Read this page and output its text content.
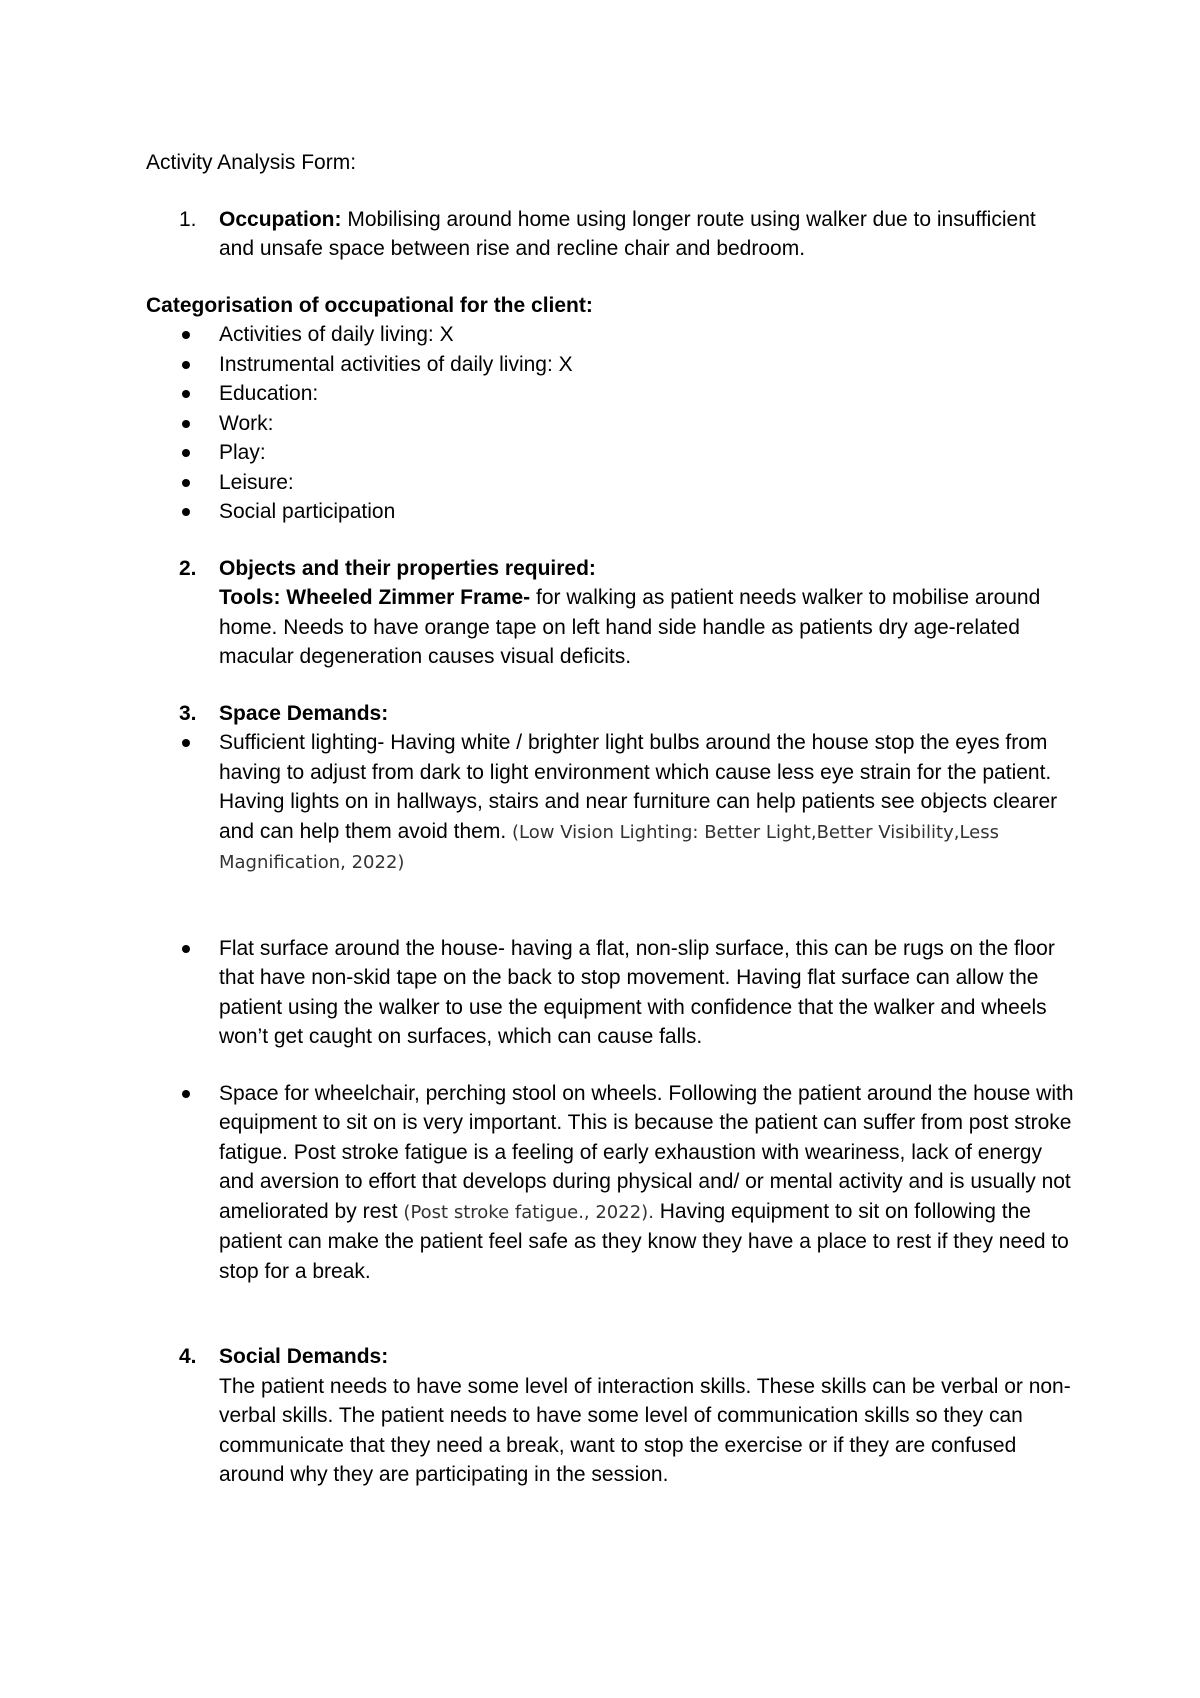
Activity Analysis Form:
1. Occupation: Mobilising around home using longer route using walker due to insufficient and unsafe space between rise and recline chair and bedroom.
Categorisation of occupational for the client:
Activities of daily living: X
Instrumental activities of daily living: X
Education:
Work:
Play:
Leisure:
Social participation
2. Objects and their properties required:
Tools: Wheeled Zimmer Frame- for walking as patient needs walker to mobilise around home. Needs to have orange tape on left hand side handle as patients dry age-related macular degeneration causes visual deficits.
3. Space Demands:
Sufficient lighting- Having white / brighter light bulbs around the house stop the eyes from having to adjust from dark to light environment which cause less eye strain for the patient. Having lights on in hallways, stairs and near furniture can help patients see objects clearer and can help them avoid them. (Low Vision Lighting: Better Light,Better Visibility,Less Magnification, 2022)
Flat surface around the house- having a flat, non-slip surface, this can be rugs on the floor that have non-skid tape on the back to stop movement. Having flat surface can allow the patient using the walker to use the equipment with confidence that the walker and wheels won’t get caught on surfaces, which can cause falls.
Space for wheelchair, perching stool on wheels. Following the patient around the house with equipment to sit on is very important. This is because the patient can suffer from post stroke fatigue. Post stroke fatigue is a feeling of early exhaustion with weariness, lack of energy and aversion to effort that develops during physical and/ or mental activity and is usually not ameliorated by rest (Post stroke fatigue., 2022). Having equipment to sit on following the patient can make the patient feel safe as they know they have a place to rest if they need to stop for a break.
4. Social Demands:
The patient needs to have some level of interaction skills. These skills can be verbal or non-verbal skills. The patient needs to have some level of communication skills so they can communicate that they need a break, want to stop the exercise or if they are confused around why they are participating in the session.
